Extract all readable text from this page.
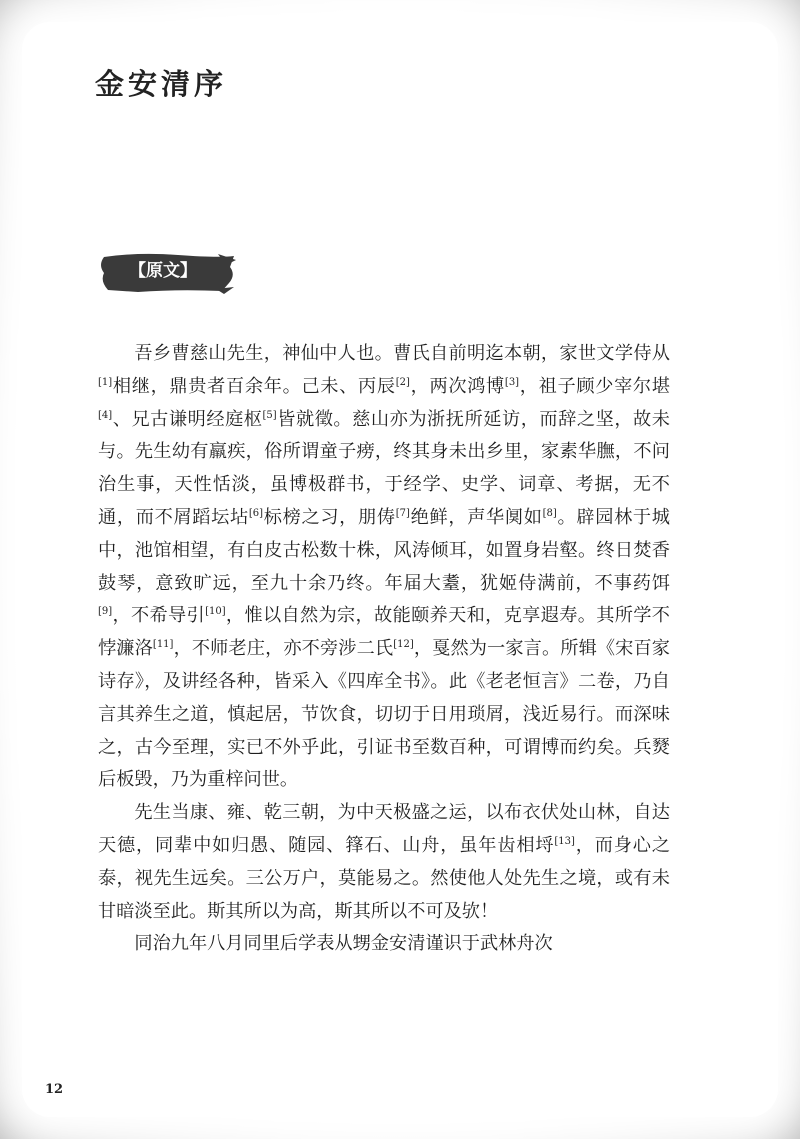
金安清序
【原文】

吾乡曹慈山先生，神仙中人也。曹氏自前明迄本朝，家世文学侍从[1]相继，鼎贵者百余年。己未、丙辰[2]，两次鸿博[3]，祖子顾少宰尔堪[4]、兄古谦明经庭枢[5]皆就徵。慈山亦为浙抚所延访，而辞之坚，故未与。先生幼有羸疾，俗所谓童子痨，终其身未出乡里，家素华膴，不问治生事，天性恬淡，虽博极群书，于经学、史学、词章、考据，无不通，而不屑蹈坛坫[6]标榜之习，朋俦[7]绝鲜，声华阒如[8]。辟园林于城中，池馆相望，有白皮古松数十株，风涛倾耳，如置身岩壑。终日焚香鼓琴，意致旷远，至九十余乃终。年届大耋，犹姬侍满前，不事药饵[9]，不希导引[10]，惟以自然为宗，故能颐养天和，克享遐寿。其所学不悖濂洛[11]，不师老庄，亦不旁涉二氏[12]，戛然为一家言。所辑《宋百家诗存》，及讲经各种，皆采入《四库全书》。此《老老恒言》二卷，乃自言其养生之道，慎起居，节饮食，切切于日用琐屑，浅近易行。而深味之，古今至理，实已不外乎此，引证书至数百种，可谓博而约矣。兵燹后板毁，乃为重梓问世。

先生当康、雍、乾三朝，为中天极盛之运，以布衣伏处山林，自达天德，同辈中如归愚、随园、箨石、山舟，虽年齿相埒[13]，而身心之泰，视先生远矣。三公万户，莫能易之。然使他人处先生之境，或有未甘暗淡至此。斯其所以为高，斯其所以不可及欤！

同治九年八月同里后学表从甥金安清谨识于武林舟次

12
